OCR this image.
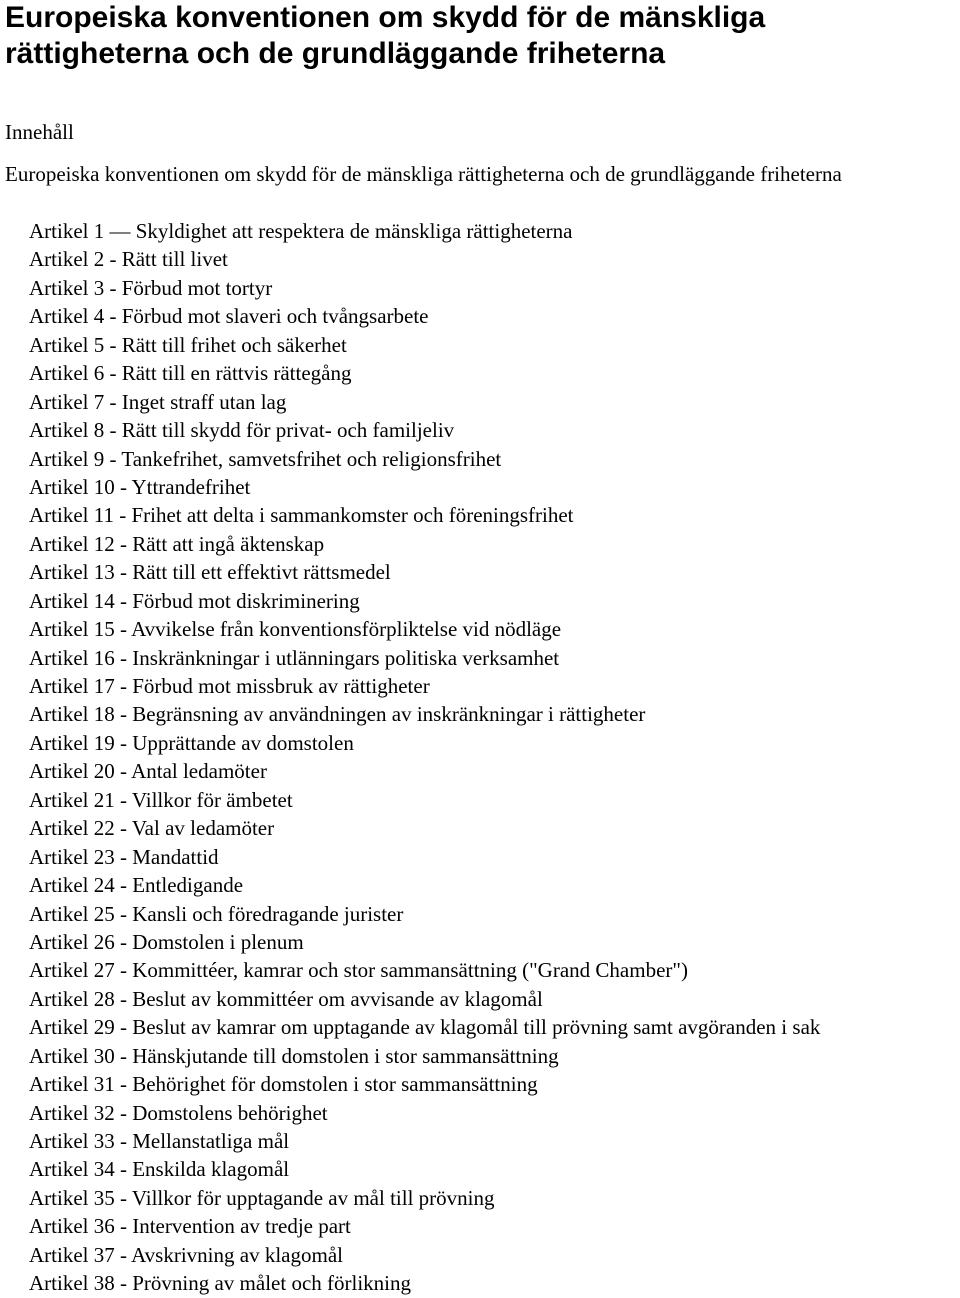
Europeiska konventionen om skydd för de mänskliga rättigheterna och de grundläggande friheterna
Innehåll
Europeiska konventionen om skydd för de mänskliga rättigheterna och de grundläggande friheterna
Artikel 1 — Skyldighet att respektera de mänskliga rättigheterna
Artikel 2 - Rätt till livet
Artikel 3 - Förbud mot tortyr
Artikel 4 - Förbud mot slaveri och tvångsarbete
Artikel 5 - Rätt till frihet och säkerhet
Artikel 6 - Rätt till en rättvis rättegång
Artikel 7 - Inget straff utan lag
Artikel 8 - Rätt till skydd för privat- och familjeliv
Artikel 9 - Tankefrihet, samvetsfrihet och religionsfrihet
Artikel 10 - Yttrandefrihet
Artikel 11 - Frihet att delta i sammankomster och föreningsfrihet
Artikel 12 - Rätt att ingå äktenskap
Artikel 13 - Rätt till ett effektivt rättsmedel
Artikel 14 - Förbud mot diskriminering
Artikel 15 - Avvikelse från konventionsförpliktelse vid nödläge
Artikel 16 - Inskränkningar i utlänningars politiska verksamhet
Artikel 17 - Förbud mot missbruk av rättigheter
Artikel 18 - Begränsning av användningen av inskränkningar i rättigheter
Artikel 19 - Upprättande av domstolen
Artikel 20 - Antal ledamöter
Artikel 21 - Villkor för ämbetet
Artikel 22 - Val av ledamöter
Artikel 23 - Mandattid
Artikel 24 - Entledigande
Artikel 25 - Kansli och föredragande jurister
Artikel 26 - Domstolen i plenum
Artikel 27 - Kommittéer, kamrar och stor sammansättning ("Grand Chamber")
Artikel 28 - Beslut av kommittéer om avvisande av klagomål
Artikel 29 - Beslut av kamrar om upptagande av klagomål till prövning samt avgöranden i sak
Artikel 30 - Hänskjutande till domstolen i stor sammansättning
Artikel 31 - Behörighet för domstolen i stor sammansättning
Artikel 32 - Domstolens behörighet
Artikel 33 - Mellanstatliga mål
Artikel 34 - Enskilda klagomål
Artikel 35 - Villkor för upptagande av mål till prövning
Artikel 36 - Intervention av tredje part
Artikel 37 - Avskrivning av klagomål
Artikel 38 - Prövning av målet och förlikning
